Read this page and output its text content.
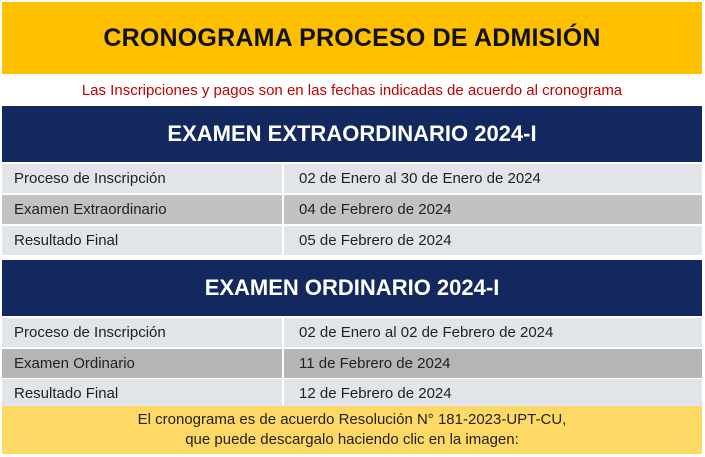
CRONOGRAMA PROCESO DE ADMISIÓN
Las Inscripciones y pagos son en las fechas indicadas de acuerdo al cronograma
EXAMEN EXTRAORDINARIO 2024-I
Proceso de Inscripción	02 de Enero al 30 de Enero de 2024
Examen Extraordinario	04 de Febrero de 2024
Resultado Final	05 de Febrero de 2024
EXAMEN ORDINARIO 2024-I
Proceso de Inscripción	02 de Enero al 02 de Febrero de 2024
Examen Ordinario	11 de Febrero de 2024
Resultado Final	12 de Febrero de 2024
El cronograma es de acuerdo Resolución N° 181-2023-UPT-CU,
que puede descargalo haciendo clic en la imagen:
